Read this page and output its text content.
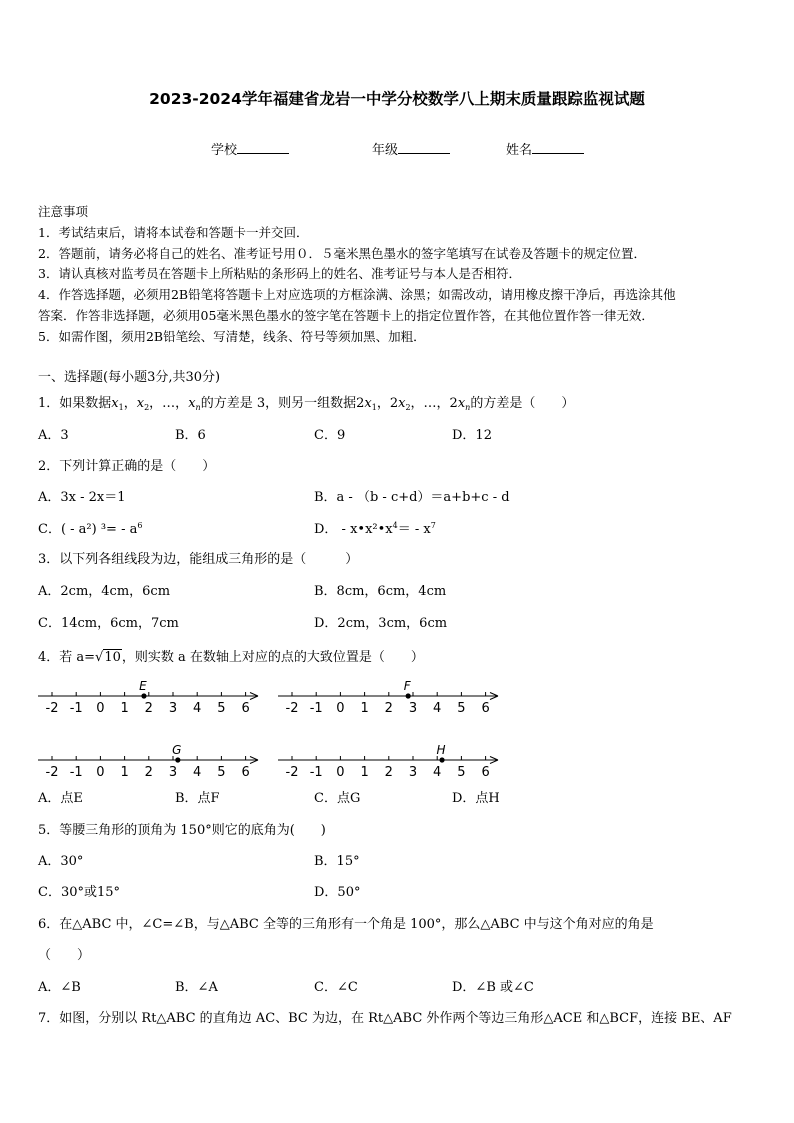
2023-2024学年福建省龙岩一中学分校数学八上期末质量跟踪监视试题
学校	年级	姓名
注意事项
1．考试结束后，请将本试卷和答题卡一并交回．
2．答题前，请务必将自己的姓名、准考证号用０．５毫米黑色墨水的签字笔填写在试卷及答题卡的规定位置．
3．请认真核对监考员在答题卡上所粘贴的条形码上的姓名、准考证号与本人是否相符．
4．作答选择题，必须用2B铅笔将答题卡上对应选项的方框涂满、涂黑；如需改动，请用橡皮擦干净后，再选涂其他
答案．作答非选择题，必须用05毫米黑色墨水的签字笔在答题卡上的指定位置作答，在其他位置作答一律无效．
5．如需作图，须用2B铅笔绘、写清楚，线条、符号等须加黑、加粗．
一、选择题(每小题3分,共30分)
1．如果数据$x_1$，$x_2$，…，$x_n$的方差是 3，则另一组数据$2x_1$，$2x_2$，…，$2x_n$的方差是（　　）
A．3	B．6	C．9	D．12
2．下列计算正确的是（　　）
A．3x - 2x＝1	B．a - （b - c+d）＝a+b+c - d
C．( - a²) $^3= - a^6$	D． - $x•x^2•x^4= - x^7$
3．以下列各组线段为边，能组成三角形的是（　　　）
A．2cm，4cm，6cm	B．8cm，6cm，4cm
C．14cm，6cm，7cm	D．2cm，3cm，6cm
4．若 a=√10，则实数 a 在数轴上对应的点的大致位置是（　　）
-2 -1 0 1 2 3 4 5 6
E
-2 -1 0 1 2 3 4 5 6
F
-2 -1 0 1 2 3 4 5 6
G
-2 -1 0 1 2 3 4 5 6
H
A．点E	B．点F	C．点G	D．点H
5．等腰三角形的顶角为 150°则它的底角为(　　)
A．30°	B．15°
C．30°或15°	D．50°
6．在△ABC 中，∠C=∠B，与△ABC 全等的三角形有一个角是 100°，那么△ABC 中与这个角对应的角是
（　　）
A．∠B	B．∠A	C．∠C	D．∠B 或∠C
7．如图，分别以 Rt△ABC 的直角边 AC、BC 为边，在 Rt△ABC 外作两个等边三角形△ACE 和△BCF，连接 BE、AF
